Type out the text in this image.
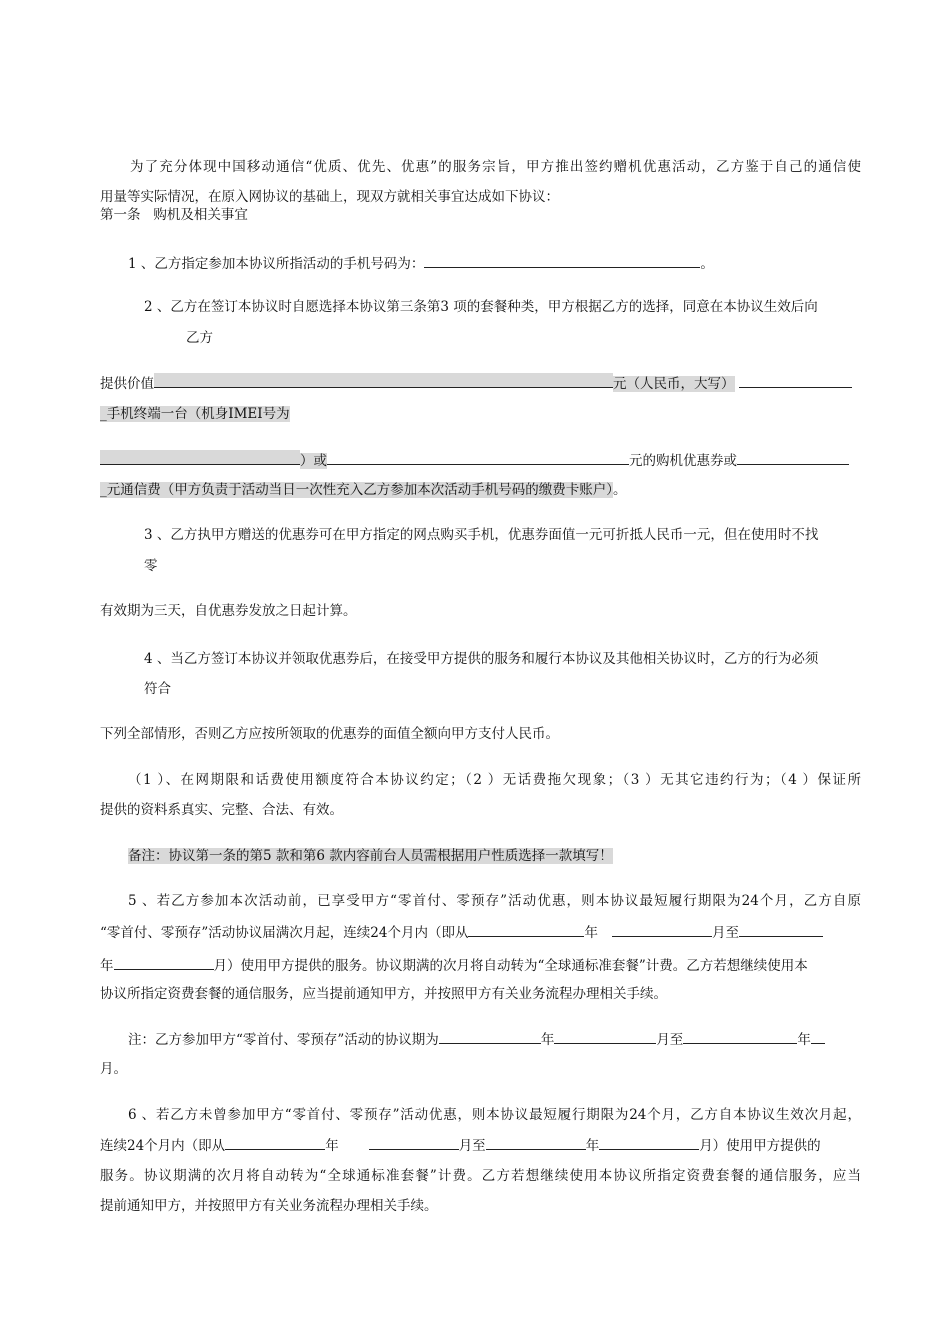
为了充分体现中国移动通信“优质、优先、优惠”的服务宗旨，甲方推出签约赠机优惠活动，乙方鉴于自己的通信使
用量等实际情况，在原入网协议的基础上，现双方就相关事宜达成如下协议：
第一条   购机及相关事宜
1 、乙方指定参加本协议所指活动的手机号码为：	。
2 、乙方在签订本协议时自愿选择本协议第三条第3 项的套餐种类，甲方根据乙方的选择，同意在本协议生效后向
乙方
提供价值	元（人民币，大写）
_手机终端一台（机身IMEI号为
）或	元的购机优惠券或
_元通信费（甲方负责于活动当日一次性充入乙方参加本次活动手机号码的缴费卡账户）。
3 、乙方执甲方赠送的优惠券可在甲方指定的网点购买手机，优惠券面值一元可折抵人民币一元，但在使用时不找
零
有效期为三天，自优惠券发放之日起计算。
4 、当乙方签订本协议并领取优惠券后，在接受甲方提供的服务和履行本协议及其他相关协议时，乙方的行为必须
符合
下列全部情形，否则乙方应按所领取的优惠券的面值全额向甲方支付人民币。
（1 ）、在网期限和话费使用额度符合本协议约定；（2 ）无话费拖欠现象；（3 ）无其它违约行为；（4 ）保证所
提供的资料系真实、完整、合法、有效。
备注：协议第一条的第5 款和第6 款内容前台人员需根据用户性质选择一款填写！
5 、若乙方参加本次活动前，已享受甲方“零首付、零预存”活动优惠，则本协议最短履行期限为24个月，乙方自原
“零首付、零预存”活动协议届满次月起，连续24个月内（即从	年	月至
年	月）使用甲方提供的服务。协议期满的次月将自动转为“全球通标准套餐”计费。乙方若想继续使用本
协议所指定资费套餐的通信服务，应当提前通知甲方，并按照甲方有关业务流程办理相关手续。
注：乙方参加甲方“零首付、零预存”活动的协议期为	年	月至	年
月。
6 、若乙方未曾参加甲方“零首付、零预存”活动优惠，则本协议最短履行期限为24个月，乙方自本协议生效次月起，
连续24个月内（即从	年	月至	年	月）使用甲方提供的
服务。协议期满的次月将自动转为“全球通标准套餐”计费。乙方若想继续使用本协议所指定资费套餐的通信服务，应当
提前通知甲方，并按照甲方有关业务流程办理相关手续。
